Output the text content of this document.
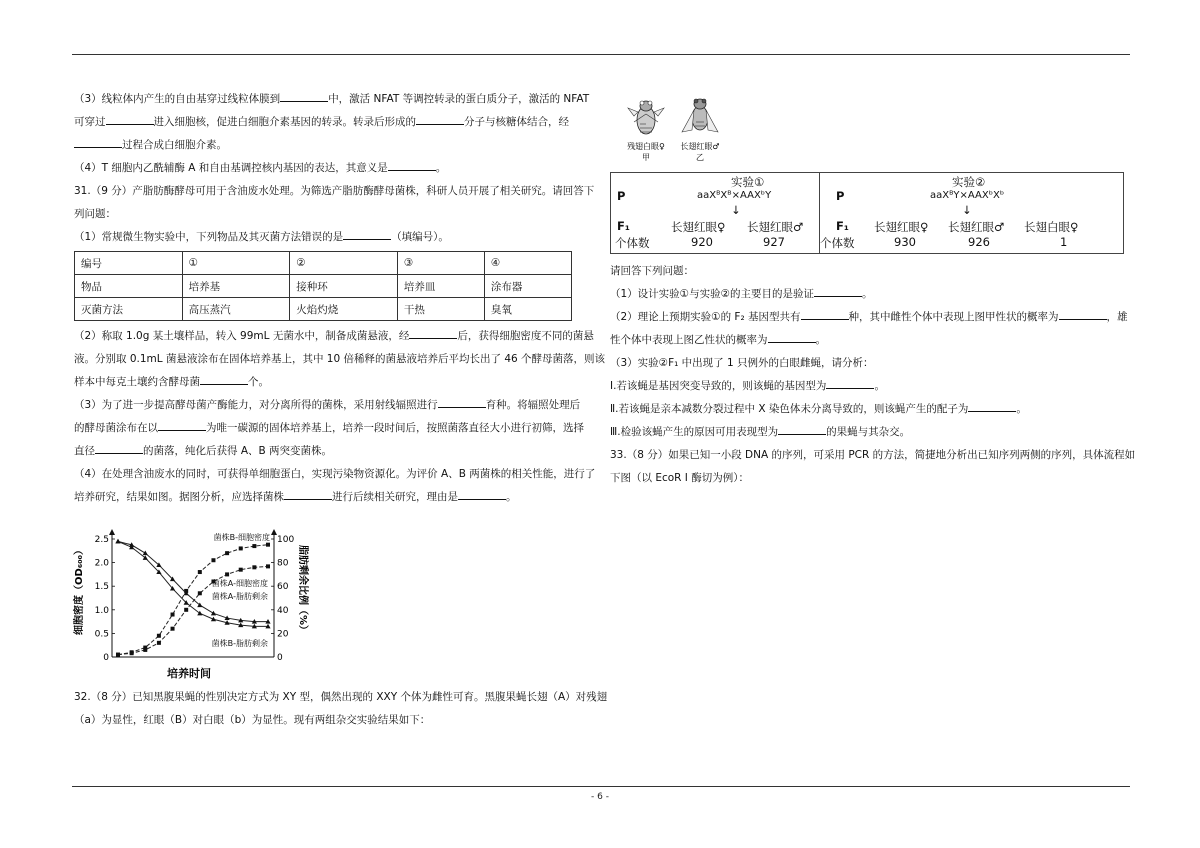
（3）线粒体内产生的自由基穿过线粒体膜到	中，激活 NFAT 等调控转录的蛋白质分子，激活的 NFAT

可穿过	进入细胞核，促进白细胞介素基因的转录。转录后形成的	分子与核糖体结合，经

过程合成白细胞介素。

（4）T 细胞内乙酰辅酶 A 和自由基调控核内基因的表达，其意义是	。

31.（9 分）产脂肪酶酵母可用于含油废水处理。为筛选产脂肪酶酵母菌株，科研人员开展了相关研究。请回答下

列问题：

（1）常规微生物实验中，下列物品及其灭菌方法错误的是	（填编号）。

编号	①	②	③	④
物品	培养基	接种环	培养皿	涂布器
灭菌方法	高压蒸汽	火焰灼烧	干热	臭氧

（2）称取 1.0g 某土壤样品，转入 99mL 无菌水中，制备成菌悬液，经	后，获得细胞密度不同的菌悬

液。分别取 0.1mL 菌悬液涂布在固体培养基上，其中 10 倍稀释的菌悬液培养后平均长出了 46 个酵母菌落，则该

样本中每克土壤约含酵母菌	个。

（3）为了进一步提高酵母菌产酶能力，对分离所得的菌株，采用射线辐照进行	育种。将辐照处理后

的酵母菌涂布在以	为唯一碳源的固体培养基上，培养一段时间后，按照菌落直径大小进行初筛，选择

直径	的菌落，纯化后获得 A、B 两突变菌株。

（4）在处理含油废水的同时，可获得单细胞蛋白，实现污染物资源化。为评价 A、B 两菌株的相关性能，进行了

培养研究，结果如图。据图分析，应选择菌株	进行后续相关研究，理由是	。

0
0.5
1.0
1.5
2.0
2.5
0
20
40
60
80
100
菌株B-细胞密度
菌株A-细胞密度
菌株A-脂肪剩余
菌株B-脂肪剩余
细胞密度（OD₆₀₀）	脂肪剩余比例（%）
培养时间

32.（8 分）已知黑腹果蝇的性别决定方式为 XY 型，偶然出现的 XXY 个体为雌性可育。黑腹果蝇长翅（A）对残翅

（a）为显性，红眼（B）对白眼（b）为显性。现有两组杂交实验结果如下：

残翅白眼♀
甲
长翅红眼♂
乙
实验①
P	aaXᴮXᴮ×AAXᵇY
↓
F₁	长翅红眼♀ 长翅红眼♂
个体数	920	927
实验②
P	aaXᴮY×AAXᵇXᵇ
↓
F₁ 长翅红眼♀ 长翅红眼♂ 长翅白眼♀
个体数	930	926	1

请回答下列问题：

（1）设计实验①与实验②的主要目的是验证	。

（2）理论上预期实验①的 F₂ 基因型共有	种，其中雌性个体中表现上图甲性状的概率为	，雄

性个体中表现上图乙性状的概率为	。

（3）实验②F₁ 中出现了 1 只例外的白眼雌蝇，请分析：

Ⅰ.若该蝇是基因突变导致的，则该蝇的基因型为	。

Ⅱ.若该蝇是亲本减数分裂过程中 X 染色体未分离导致的，则该蝇产生的配子为	。

Ⅲ.检验该蝇产生的原因可用表现型为	的果蝇与其杂交。

33.（8 分）如果已知一小段 DNA 的序列，可采用 PCR 的方法，简捷地分析出已知序列两侧的序列，具体流程如

下图（以 EcoR Ⅰ 酶切为例）：

- 6 -
